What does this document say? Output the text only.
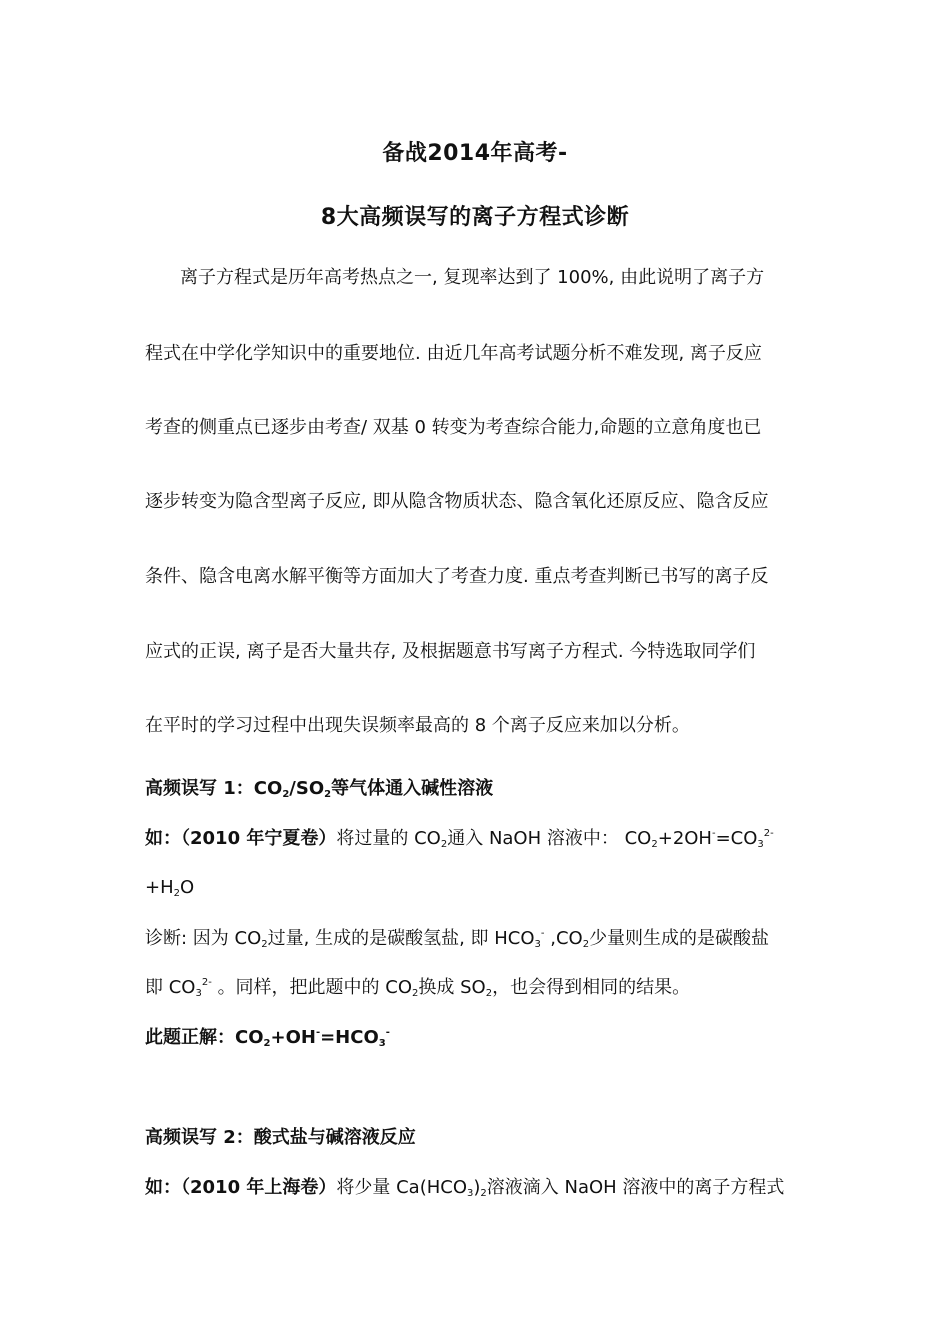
备战2014年高考-
8大高频误写的离子方程式诊断
离子方程式是历年高考热点之一, 复现率达到了 100%, 由此说明了离子方
程式在中学化学知识中的重要地位. 由近几年高考试题分析不难发现, 离子反应
考查的侧重点已逐步由考查/ 双基 0 转变为考查综合能力,命题的立意角度也已
逐步转变为隐含型离子反应, 即从隐含物质状态、隐含氧化还原反应、隐含反应
条件、隐含电离水解平衡等方面加大了考查力度. 重点考查判断已书写的离子反
应式的正误, 离子是否大量共存, 及根据题意书写离子方程式. 今特选取同学们
在平时的学习过程中出现失误频率最高的 8 个离子反应来加以分析。
高频误写 1：$CO_2/SO_2$等气体通入碱性溶液
如：（2010 年宁夏卷）将过量的 $CO_2$通入 NaOH 溶液中： $CO_2+2OH^-=CO_3^{2-}$
$+H_2O$
诊断: 因为 $CO_2$过量, 生成的是碳酸氢盐, 即 $HCO_3^-$ $,CO_2$少量则生成的是碳酸盐
即 $CO_3^{2-}$ 。同样，把此题中的 $CO_2$换成 $SO_2$，也会得到相同的结果。
此题正解：$CO_2+OH^-=HCO_3^-$
高频误写 2：酸式盐与碱溶液反应
如：（2010 年上海卷）将少量 $Ca(HCO_3)_2$溶液滴入 NaOH 溶液中的离子方程式
